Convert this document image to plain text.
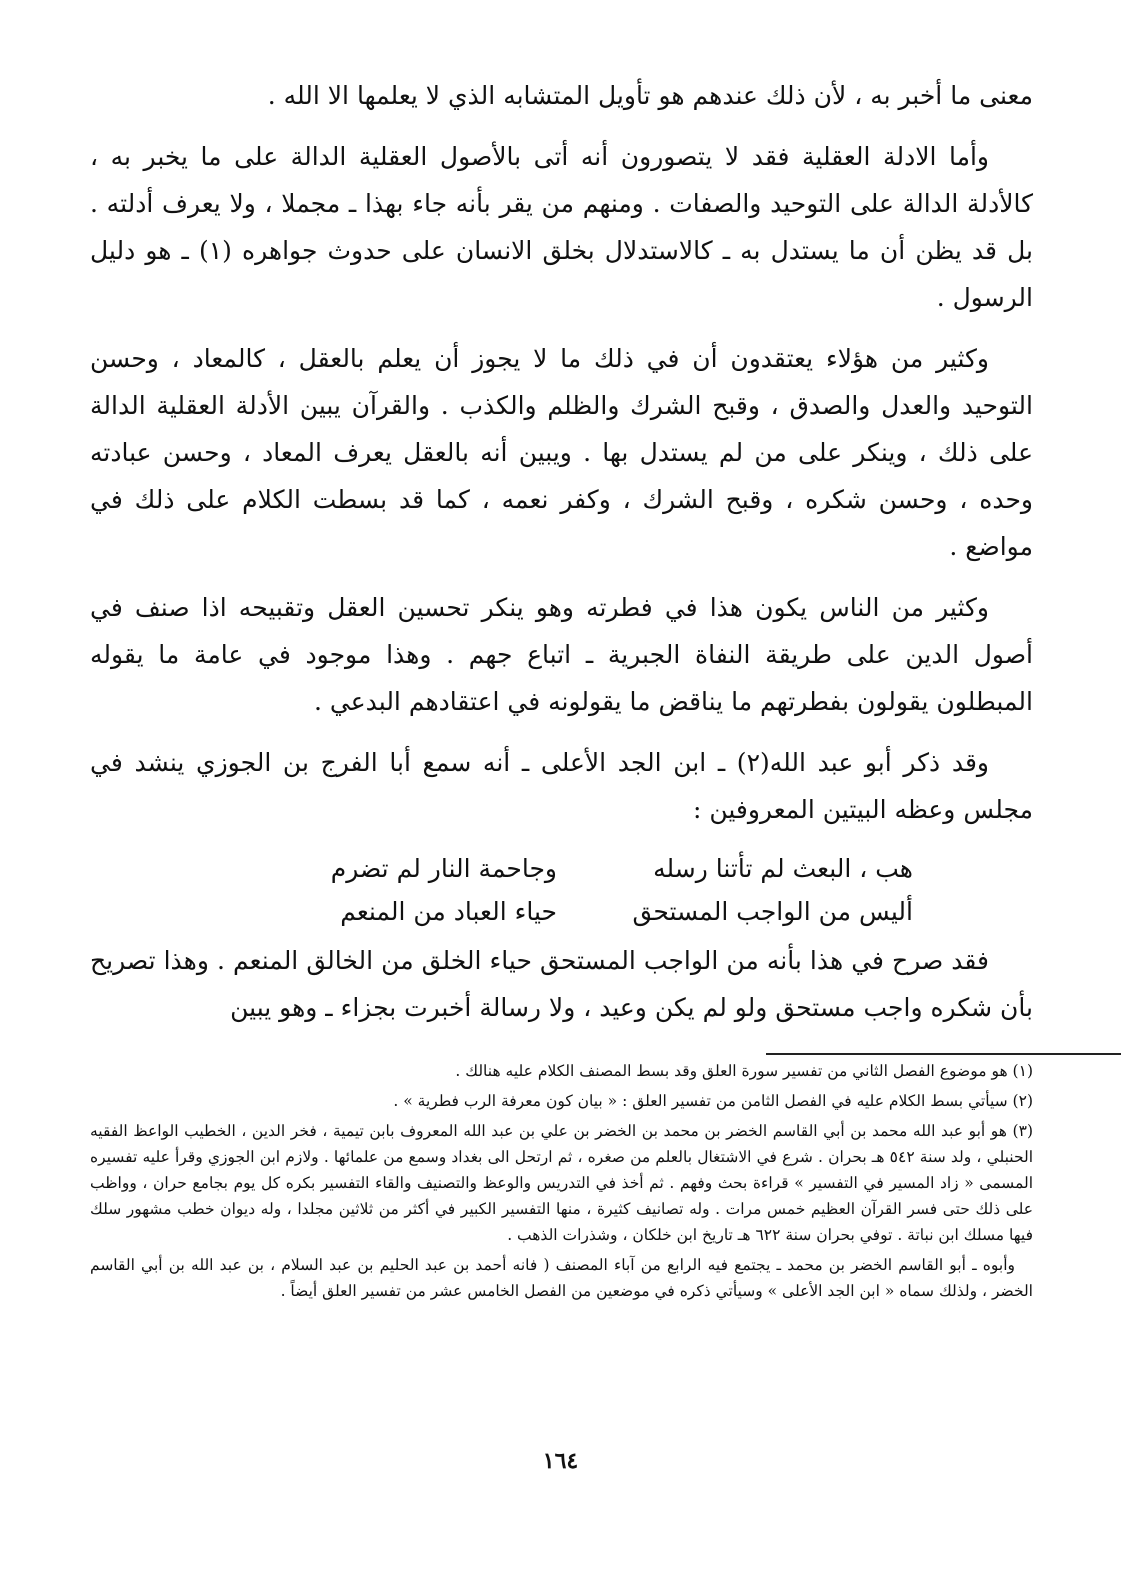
معنى ما أخبر به ، لأن ذلك عندهم هو تأويل المتشابه الذي لا يعلمها الا الله .

وأما الادلة العقلية فقد لا يتصورون أنه أتى بالأصول العقلية الدالة على ما يخبر به ، كالأدلة الدالة على التوحيد والصفات . ومنهم من يقر بأنه جاء بهذا ـ مجملا ، ولا يعرف أدلته . بل قد يظن أن ما يستدل به ـ كالاستدلال بخلق الانسان على حدوث جواهره (١) ـ هو دليل الرسول .

وكثير من هؤلاء يعتقدون أن في ذلك ما لا يجوز أن يعلم بالعقل ، كالمعاد ، وحسن التوحيد والعدل والصدق ، وقبح الشرك والظلم والكذب . والقرآن يبين الأدلة العقلية الدالة على ذلك ، وينكر على من لم يستدل بها . ويبين أنه بالعقل يعرف المعاد ، وحسن عبادته وحده ، وحسن شكره ، وقبح الشرك ، وكفر نعمه ، كما قد بسطت الكلام على ذلك في مواضع .

وكثير من الناس يكون هذا في فطرته وهو ينكر تحسين العقل وتقبيحه اذا صنف في أصول الدين على طريقة النفاة الجبرية ـ اتباع جهم . وهذا موجود في عامة ما يقوله المبطلون يقولون بفطرتهم ما يناقض ما يقولونه في اعتقادهم البدعي .

وقد ذكر أبو عبد الله(٢) ـ ابن الجد الأعلى ـ أنه سمع أبا الفرج بن الجوزي ينشد في مجلس وعظه البيتين المعروفين :

هب ، البعث لم تأتنا رسله
وجاحمة النار لم تضرم
أليس من الواجب المستحق
حياء العباد من المنعم

فقد صرح في هذا بأنه من الواجب المستحق حياء الخلق من الخالق المنعم . وهذا تصريح بأن شكره واجب مستحق ولو لم يكن وعيد ، ولا رسالة أخبرت بجزاء ـ وهو يبين

(١) هو موضوع الفصل الثاني من تفسير سورة العلق وقد بسط المصنف الكلام عليه هنالك .

(٢) سيأتي بسط الكلام عليه في الفصل الثامن من تفسير العلق : « بيان كون معرفة الرب فطرية » .

(٣) هو أبو عبد الله محمد بن أبي القاسم الخضر بن محمد بن الخضر بن علي بن عبد الله المعروف بابن تيمية ، فخر الدين ، الخطيب الواعظ الفقيه الحنبلي ، ولد سنة ٥٤٢ هـ بحران . شرع في الاشتغال بالعلم من صغره ، ثم ارتحل الى بغداد وسمع من علمائها . ولازم ابن الجوزي وقرأ عليه تفسيره المسمى « زاد المسير في التفسير » قراءة بحث وفهم . ثم أخذ في التدريس والوعظ والتصنيف والقاء التفسير بكره كل يوم بجامع حران ، وواظب على ذلك حتى فسر القرآن العظيم خمس مرات . وله تصانيف كثيرة ، منها التفسير الكبير في أكثر من ثلاثين مجلدا ، وله ديوان خطب مشهور سلك فيها مسلك ابن نباتة . توفي بحران سنة ٦٢٢ هـ تاريخ ابن خلكان ، وشذرات الذهب .

وأبوه ـ أبو القاسم الخضر بن محمد ـ يجتمع فيه الرابع من آباء المصنف ( فانه أحمد بن عبد الحليم بن عبد السلام ، بن عبد الله بن أبي القاسم الخضر ، ولذلك سماه « ابن الجد الأعلى » وسيأتي ذكره في موضعين من الفصل الخامس عشر من تفسير العلق أيضاً .

١٦٤
